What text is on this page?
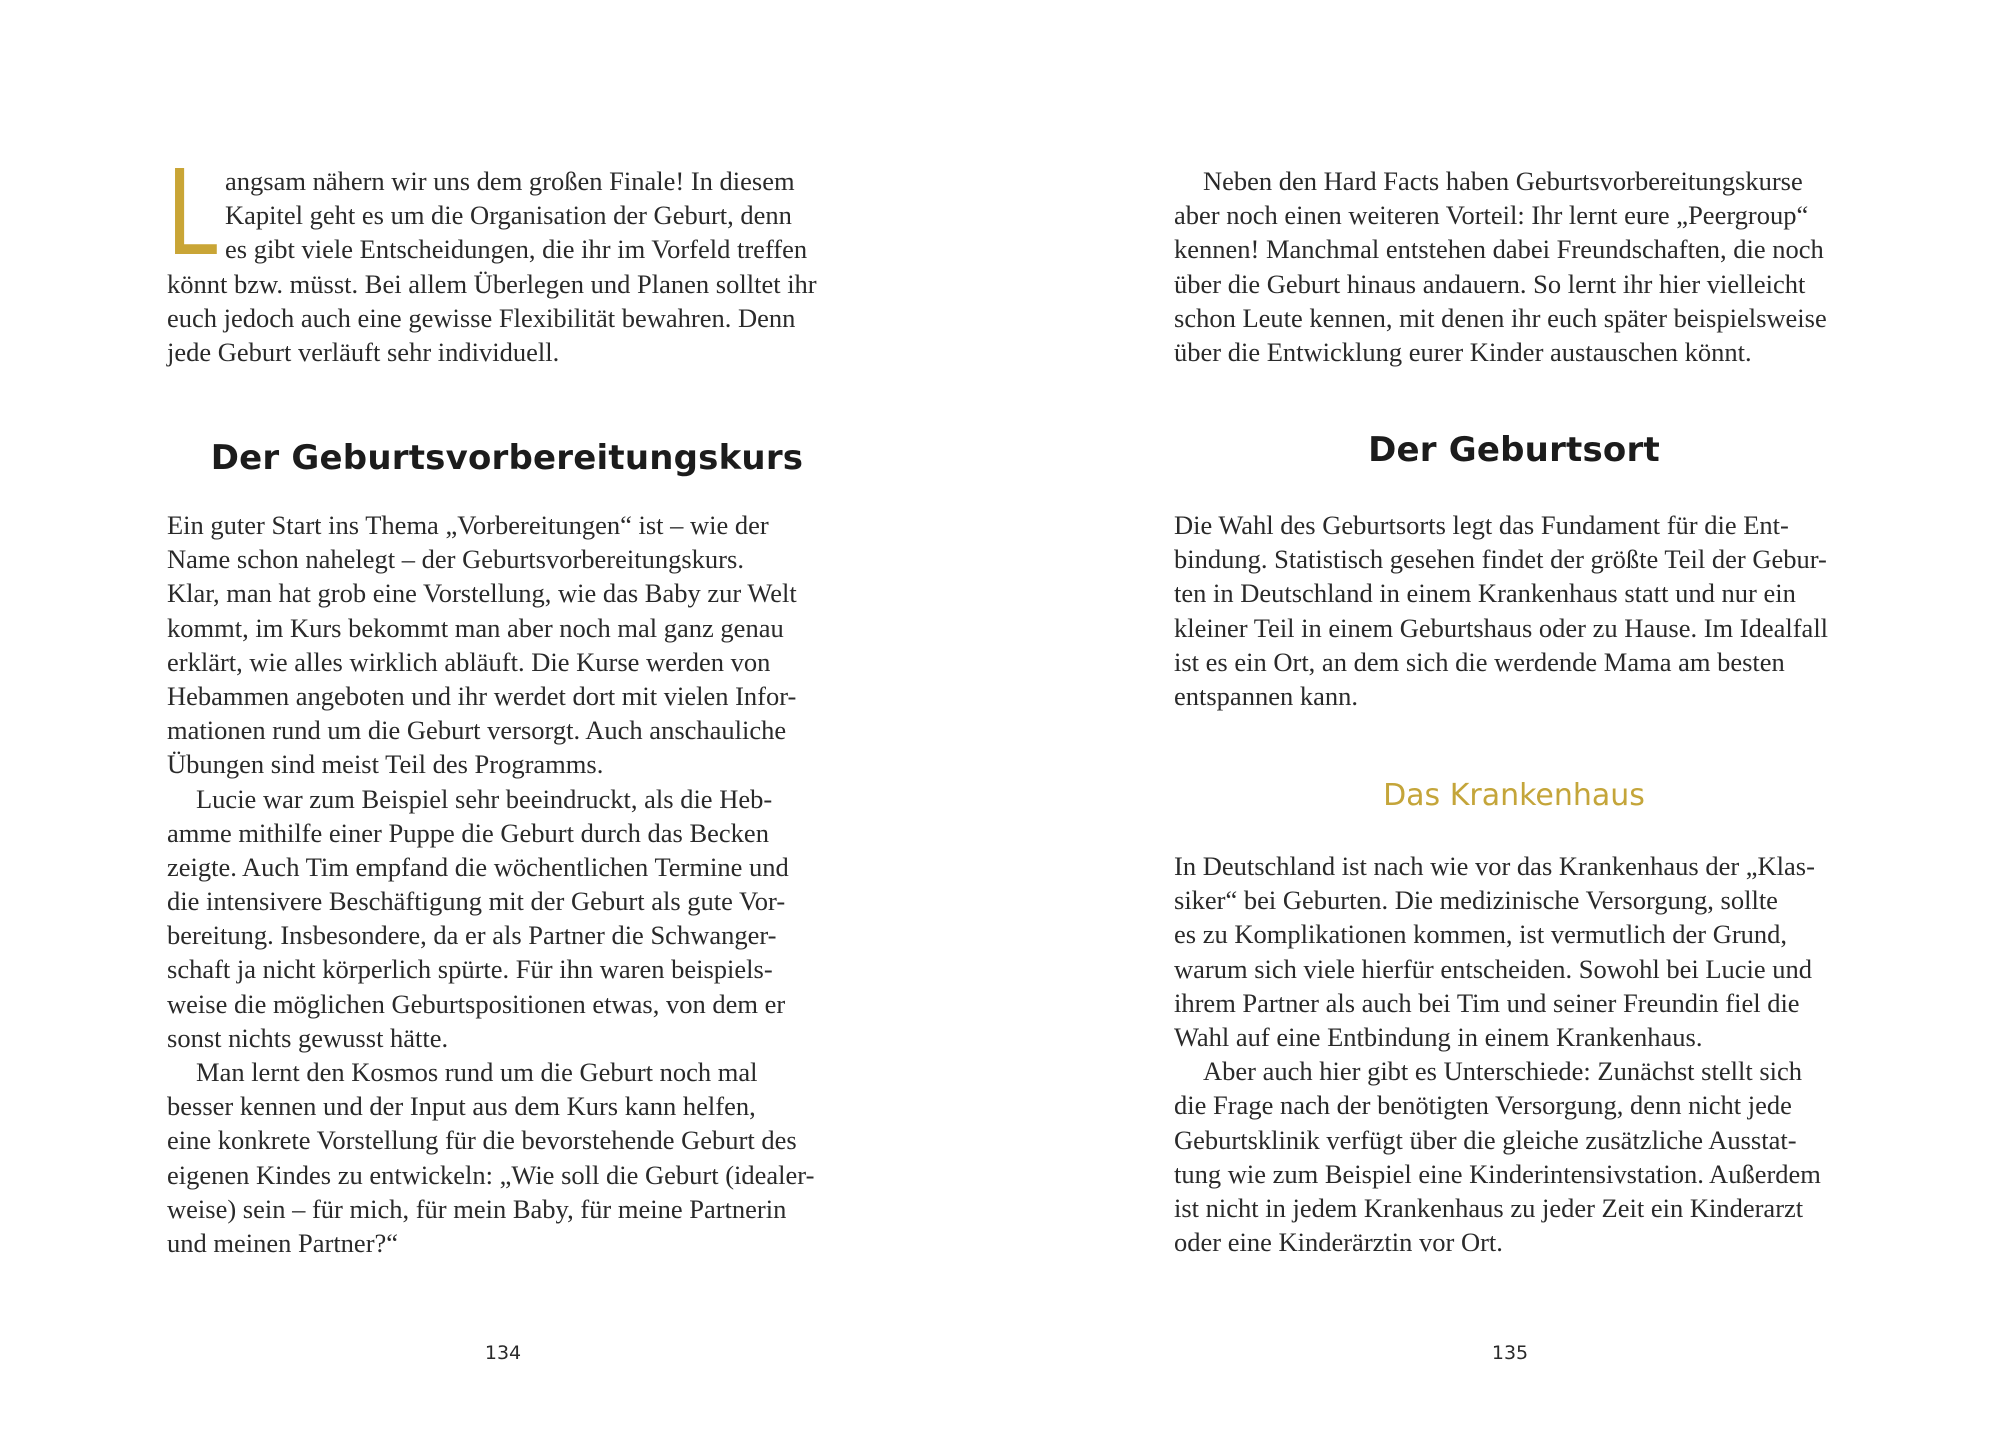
L angsam nähern wir uns dem großen Finale! In diesem
Kapitel geht es um die Organisation der Geburt, denn
es gibt viele Entscheidungen, die ihr im Vorfeld treffen
könnt bzw. müsst. Bei allem Überlegen und Planen solltet ihr
euch jedoch auch eine gewisse Flexibilität bewahren. Denn
jede Geburt verläuft sehr individuell.
Der Geburtsvorbereitungskurs
Ein guter Start ins Thema „Vorbereitungen“ ist – wie der
Name schon nahelegt – der Geburtsvorbereitungskurs.
Klar, man hat grob eine Vorstellung, wie das Baby zur Welt
kommt, im Kurs bekommt man aber noch mal ganz genau
erklärt, wie alles wirklich abläuft. Die Kurse werden von
Hebammen angeboten und ihr werdet dort mit vielen Infor-
mationen rund um die Geburt versorgt. Auch anschauliche
Übungen sind meist Teil des Programms.
Lucie war zum Beispiel sehr beeindruckt, als die Heb-
amme mithilfe einer Puppe die Geburt durch das Becken
zeigte. Auch Tim empfand die wöchentlichen Termine und
die intensivere Beschäftigung mit der Geburt als gute Vor-
bereitung. Insbesondere, da er als Partner die Schwanger-
schaft ja nicht körperlich spürte. Für ihn waren beispiels-
weise die möglichen Geburtspositionen etwas, von dem er
sonst nichts gewusst hätte.
Man lernt den Kosmos rund um die Geburt noch mal
besser kennen und der Input aus dem Kurs kann helfen,
eine konkrete Vorstellung für die bevorstehende Geburt des
eigenen Kindes zu entwickeln: „Wie soll die Geburt (idealer-
weise) sein – für mich, für mein Baby, für meine Partnerin
und meinen Partner?“
134
Neben den Hard Facts haben Geburtsvorbereitungskurse
aber noch einen weiteren Vorteil: Ihr lernt eure „Peergroup“
kennen! Manchmal entstehen dabei Freundschaften, die noch
über die Geburt hinaus andauern. So lernt ihr hier vielleicht
schon Leute kennen, mit denen ihr euch später beispielsweise
über die Entwicklung eurer Kinder austauschen könnt.
Der Geburtsort
Die Wahl des Geburtsorts legt das Fundament für die Ent-
bindung. Statistisch gesehen findet der größte Teil der Gebur-
ten in Deutschland in einem Krankenhaus statt und nur ein
kleiner Teil in einem Geburtshaus oder zu Hause. Im Idealfall
ist es ein Ort, an dem sich die werdende Mama am besten
entspannen kann.
Das Krankenhaus
In Deutschland ist nach wie vor das Krankenhaus der „Klas-
siker“ bei Geburten. Die medizinische Versorgung, sollte
es zu Komplikationen kommen, ist vermutlich der Grund,
warum sich viele hierfür entscheiden. Sowohl bei Lucie und
ihrem Partner als auch bei Tim und seiner Freundin fiel die
Wahl auf eine Entbindung in einem Krankenhaus.
Aber auch hier gibt es Unterschiede: Zunächst stellt sich
die Frage nach der benötigten Versorgung, denn nicht jede
Geburtsklinik verfügt über die gleiche zusätzliche Ausstat-
tung wie zum Beispiel eine Kinderintensivstation. Außerdem
ist nicht in jedem Krankenhaus zu jeder Zeit ein Kinderarzt
oder eine Kinderärztin vor Ort.
135
